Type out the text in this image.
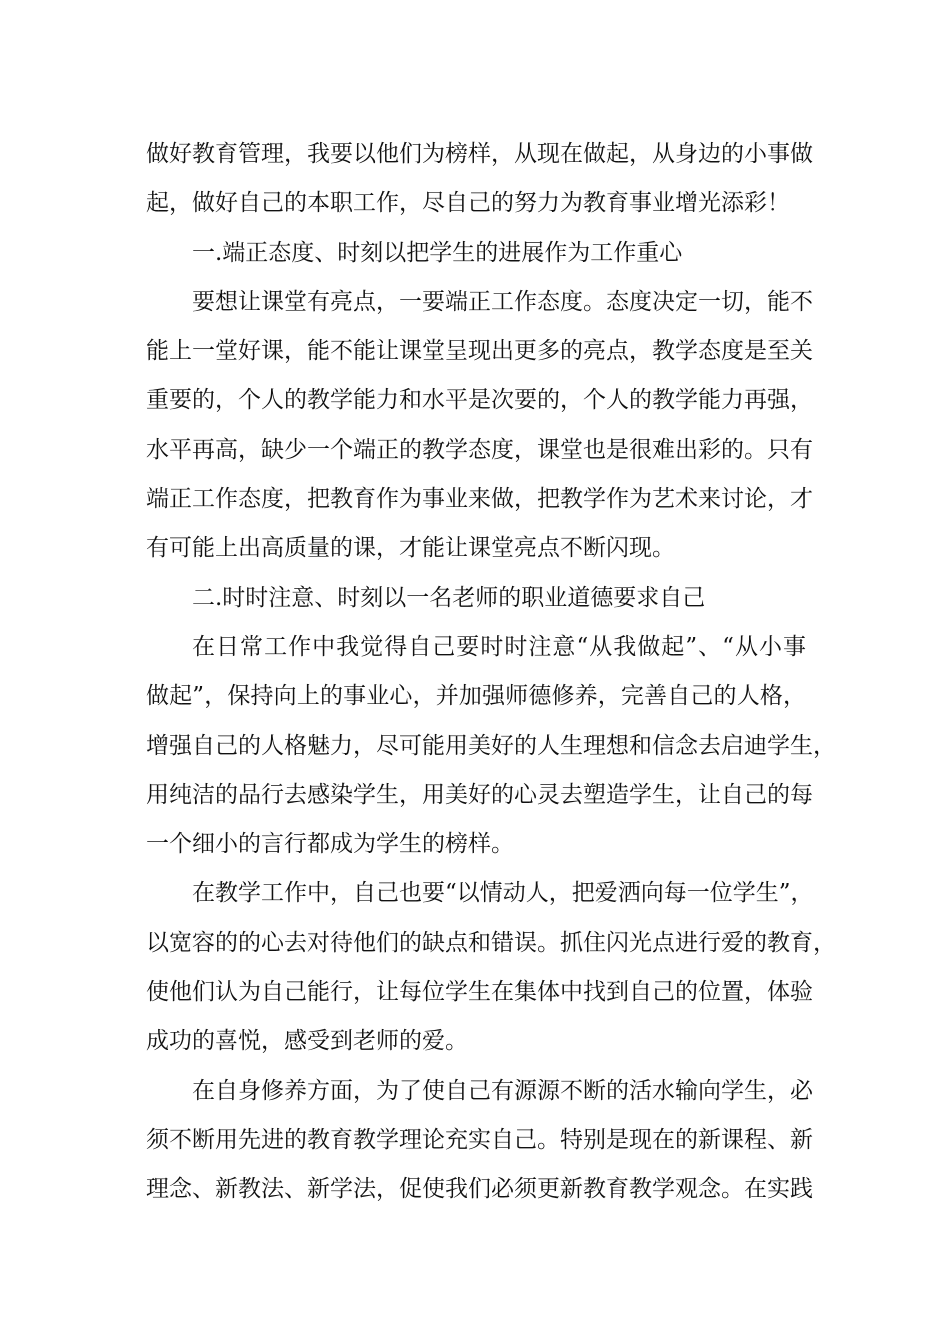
做好教育管理，我要以他们为榜样，从现在做起，从身边的小事做
起，做好自己的本职工作，尽自己的努力为教育事业增光添彩！
一.端正态度、时刻以把学生的进展作为工作重心
要想让课堂有亮点，一要端正工作态度。态度决定一切，能不
能上一堂好课，能不能让课堂呈现出更多的亮点，教学态度是至关
重要的，个人的教学能力和水平是次要的，个人的教学能力再强，
水平再高，缺少一个端正的教学态度，课堂也是很难出彩的。只有
端正工作态度，把教育作为事业来做，把教学作为艺术来讨论，才
有可能上出高质量的课，才能让课堂亮点不断闪现。
二.时时注意、时刻以一名老师的职业道德要求自己
在日常工作中我觉得自己要时时注意“从我做起”、“从小事
做起”，保持向上的事业心，并加强师德修养，完善自己的人格，
增强自己的人格魅力，尽可能用美好的人生理想和信念去启迪学生，
用纯洁的品行去感染学生，用美好的心灵去塑造学生，让自己的每
一个细小的言行都成为学生的榜样。
在教学工作中，自己也要“以情动人，把爱洒向每一位学生”，
以宽容的的心去对待他们的缺点和错误。抓住闪光点进行爱的教育，
使他们认为自己能行，让每位学生在集体中找到自己的位置，体验
成功的喜悦，感受到老师的爱。
在自身修养方面，为了使自己有源源不断的活水输向学生，必
须不断用先进的教育教学理论充实自己。特别是现在的新课程、新
理念、新教法、新学法，促使我们必须更新教育教学观念。在实践
